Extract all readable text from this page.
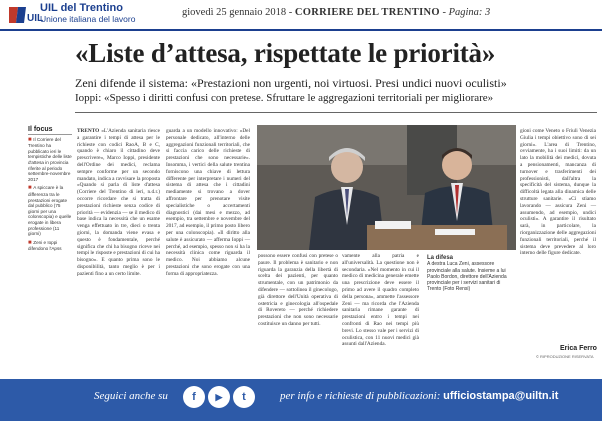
UIL
UIL del Trentino
Unione italiana del lavoro
giovedì 25 gennaio 2018 - CORRIERE DEL TRENTINO - Pagina: 3
«Liste d’attesa, rispettate le priorità»
Zeni difende il sistema: «Prestazioni non urgenti, noi virtuosi. Presi undici nuovi oculisti»
Ioppi: «Spesso i diritti confusi con pretese. Sfruttare le aggregazioni territoriali per migliorare»
Il focus

■ Il Corriere del Trentino ha pubblicato ieri le tempistiche delle liste d'attesa in provincia riferite al periodo settembre-novembre 2017

■ A spiccare è la differenza tra le prestazioni erogate dal pubblico (75 giorni per una colonscopia) e quelle erogate in libera professione (11 giorni)

■ Zeni e Ioppi difendono l'Apss

TRENTO «L'Azienda sanitaria riesce a garantire i tempi di attesa per le richieste con codici RaoA, B e C, quando è chiaro il cittadino deve prescrivere», Marco Ioppi, presidente dell'Ordine dei medici, reclama sempre conforme per un secondo mandato, indica a ravvisare la proposta «Quando si parla di liste d'attesa (Corriere del Trentino di ieri, n.d.r.) occorre ricordare che si tratta di prestazioni richieste senza codice di priorità — evidenzia — se il medico di base indica la necessità che un esame venga effettuato in tre, dieci o trenta giorni, la domanda viene evasa e questo è fondamentale, perché significa che chi ha bisogno riceve nei tempi le risposte e prestazioni di cui ha bisogno». E quanto prima sono le disponibilità, tanto meglio è per i pazienti fino a un certo limite.
guarda a un modello innovativo: «Del personale dedicato, all'interno delle aggregazioni funzionali territoriali, che si faccia carico delle richieste di prestazioni che sono necessarie». Insomma, i vertici della salute trentina forniscono una chiave di lettura differente per interpretare i numeri del sistema di attesa che i cittadini mediamente si trovano a dover affrontare per prenotare visite specialistiche o accertamenti diagnostici (dai mesi e mezzo, ad esempio, tra settembre e novembre del 2017, ad esempio, il primo posto libero per una colonscopia). «Il diritto alla salute è assicurato — afferma Ioppi — perché, ad esempio, spesso non si ha la necessità clinica come riguarda il medico. Noi abbiamo alcune prestazioni che sono erogate con una forma di appropriatezza.
possono essere confusi con pretese o paure. Il problema è sanitario e non riguarda la garanzia della libertà di scelta dei pazienti, per quanto strumentale, con un patrimonio da difendere — sottolinea il ginecologo, già direttore dell'Unità operativa di ostetricia e ginecologia all'ospedale di Rovereto — perché richiedere prestazioni che non sono necessarie costituisce un danno per tutti.
vamente alla patria e all'universalità. La questione non è secondaria. «Nel momento in cui il medico di medicina generale emette una prescrizione deve essere il primo ad avere il quadro completo della persona», ammette l'assessore Zeni — ma ricorda che l'Azienda sanitaria rimane garante di prestazioni entro i tempi nei confronti di Rao nei tempi più brevi. Lo stesso vale per i servizi di oculistica, con 11 nuovi medici già assunti dall'Azienda.
La difesa
A destra Luca Zeni, assessore provinciale alla salute. Insieme a lui Paolo Bordon, direttore dell'Azienda provinciale per i servizi sanitari di Trento (Foto Rensi)
gioni come Veneto o Friuli Venezia Giulia i tempi obiettivo sono di sei giorni». L'area di Trentino, ovviamente, ha i suoi limiti: da un lato la mobilità dei medici, dovuta a pensionamenti, mancanza di turnover e trasferimenti dei professionisti, dall'altra la specificità del sistema, dunque la difficoltà legata alla dinamica delle strutture sanitarie. «Ci stiamo lavorando — assicura Zeni — assumendo, ad esempio, undici oculisti». A garantire il risultato sarà, in particolare, la riorganizzazione delle aggregazioni funzionali territoriali, perché il sistema deve prevedere al loro interno delle figure dedicate.
Erica Ferro
© RIPRODUZIONE RISERVATA
Seguici anche su	f	▶	t	per info e richieste di pubblicazioni: ufficiostampa@uiltn.it
